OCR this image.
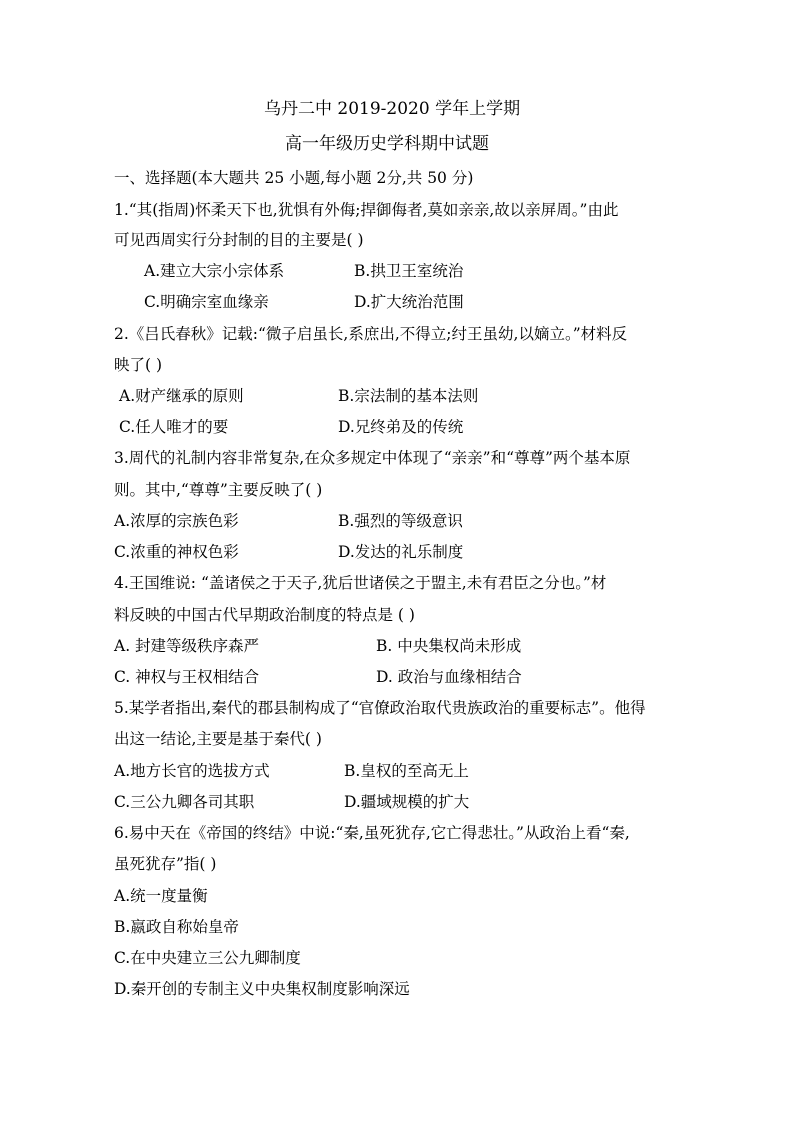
乌丹二中 2019-2020 学年上学期
高一年级历史学科期中试题
一、选择题(本大题共 25 小题,每小题 2分,共 50 分)
1.“其(指周)怀柔天下也,犹惧有外侮;捍御侮者,莫如亲亲,故以亲屏周。”由此
可见西周实行分封制的目的主要是( )
A.建立大宗小宗体系	B.拱卫王室统治
C.明确宗室血缘亲	D.扩大统治范围
2.《吕氏春秋》记载:“微子启虽长,系庶出,不得立;纣王虽幼,以嫡立。”材料反
映了( )
A.财产继承的原则	B.宗法制的基本法则
C.任人唯才的要	D.兄终弟及的传统
3.周代的礼制内容非常复杂,在众多规定中体现了“亲亲”和“尊尊”两个基本原
则。其中,“尊尊”主要反映了( )
A.浓厚的宗族色彩	B.强烈的等级意识
C.浓重的神权色彩	D.发达的礼乐制度
4.王国维说: “盖诸侯之于天子,犹后世诸侯之于盟主,未有君臣之分也。”材
料反映的中国古代早期政治制度的特点是 ( )
A. 封建等级秩序森严	B. 中央集权尚未形成
C. 神权与王权相结合	D. 政治与血缘相结合
5.某学者指出,秦代的郡县制构成了“官僚政治取代贵族政治的重要标志”。他得
出这一结论,主要是基于秦代( )
A.地方长官的选拔方式	B.皇权的至高无上
C.三公九卿各司其职	D.疆域规模的扩大
6.易中天在《帝国的终结》中说:“秦,虽死犹存,它亡得悲壮。”从政治上看“秦,
虽死犹存”指( )
A.统一度量衡
B.嬴政自称始皇帝
C.在中央建立三公九卿制度
D.秦开创的专制主义中央集权制度影响深远
